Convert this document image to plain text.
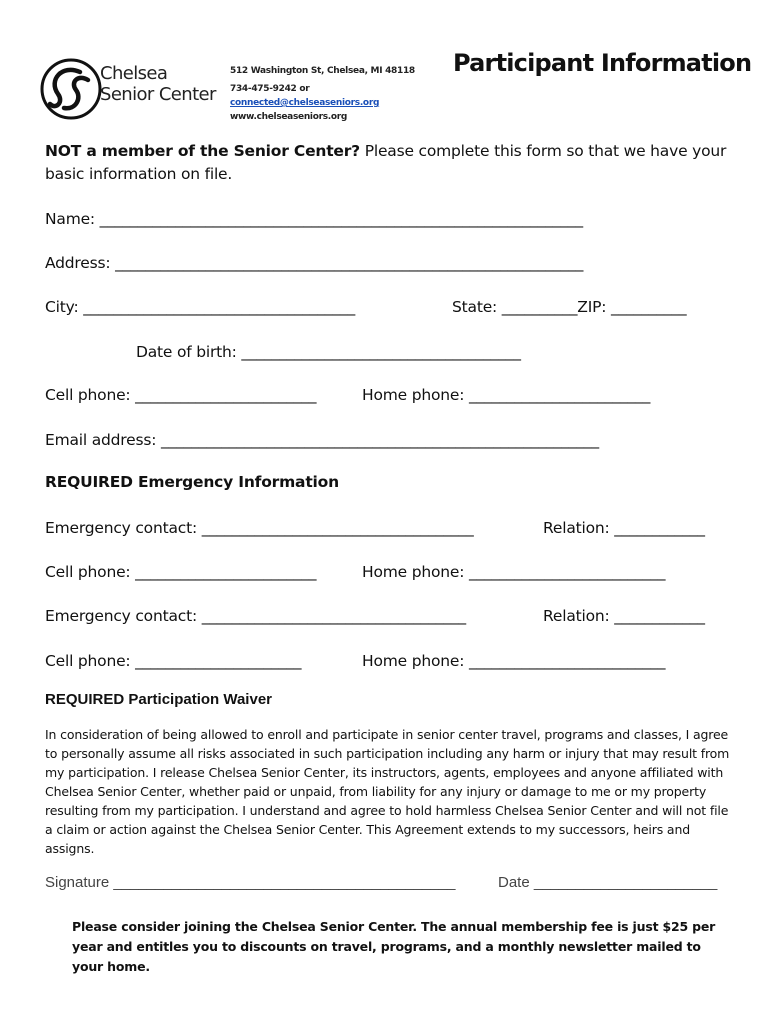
Chelsea
Senior Center
512 Washington St, Chelsea, MI 48118
734-475-9242 or
connected@chelseaseniors.org
www.chelseaseniors.org
Participant Information
NOT a member of the Senior Center? Please complete this form so that we have your basic information on file.
Name: ________________________________________________________________
Address: ______________________________________________________________
City: ____________________________________	State: __________ZIP: __________
Date of birth: _____________________________________
Cell phone: ________________________	Home phone: ________________________
Email address: __________________________________________________________
REQUIRED Emergency Information
Emergency contact: ____________________________________	Relation: ____________
Cell phone: ________________________	Home phone: __________________________
Emergency contact: ___________________________________	Relation: ____________
Cell phone: ______________________	Home phone: __________________________
REQUIRED Participation Waiver
In consideration of being allowed to enroll and participate in senior center travel, programs and classes, I agree to personally assume all risks associated in such participation including any harm or injury that may result from my participation. I release Chelsea Senior Center, its instructors, agents, employees and anyone affiliated with Chelsea Senior Center, whether paid or unpaid, from liability for any injury or damage to me or my property resulting from my participation. I understand and agree to hold harmless Chelsea Senior Center and will not file a claim or action against the Chelsea Senior Center. This Agreement extends to my successors, heirs and assigns.
Signature _________________________________________	Date ______________________
Please consider joining the Chelsea Senior Center. The annual membership fee is just $25 per year and entitles you to discounts on travel, programs, and a monthly newsletter mailed to your home.
